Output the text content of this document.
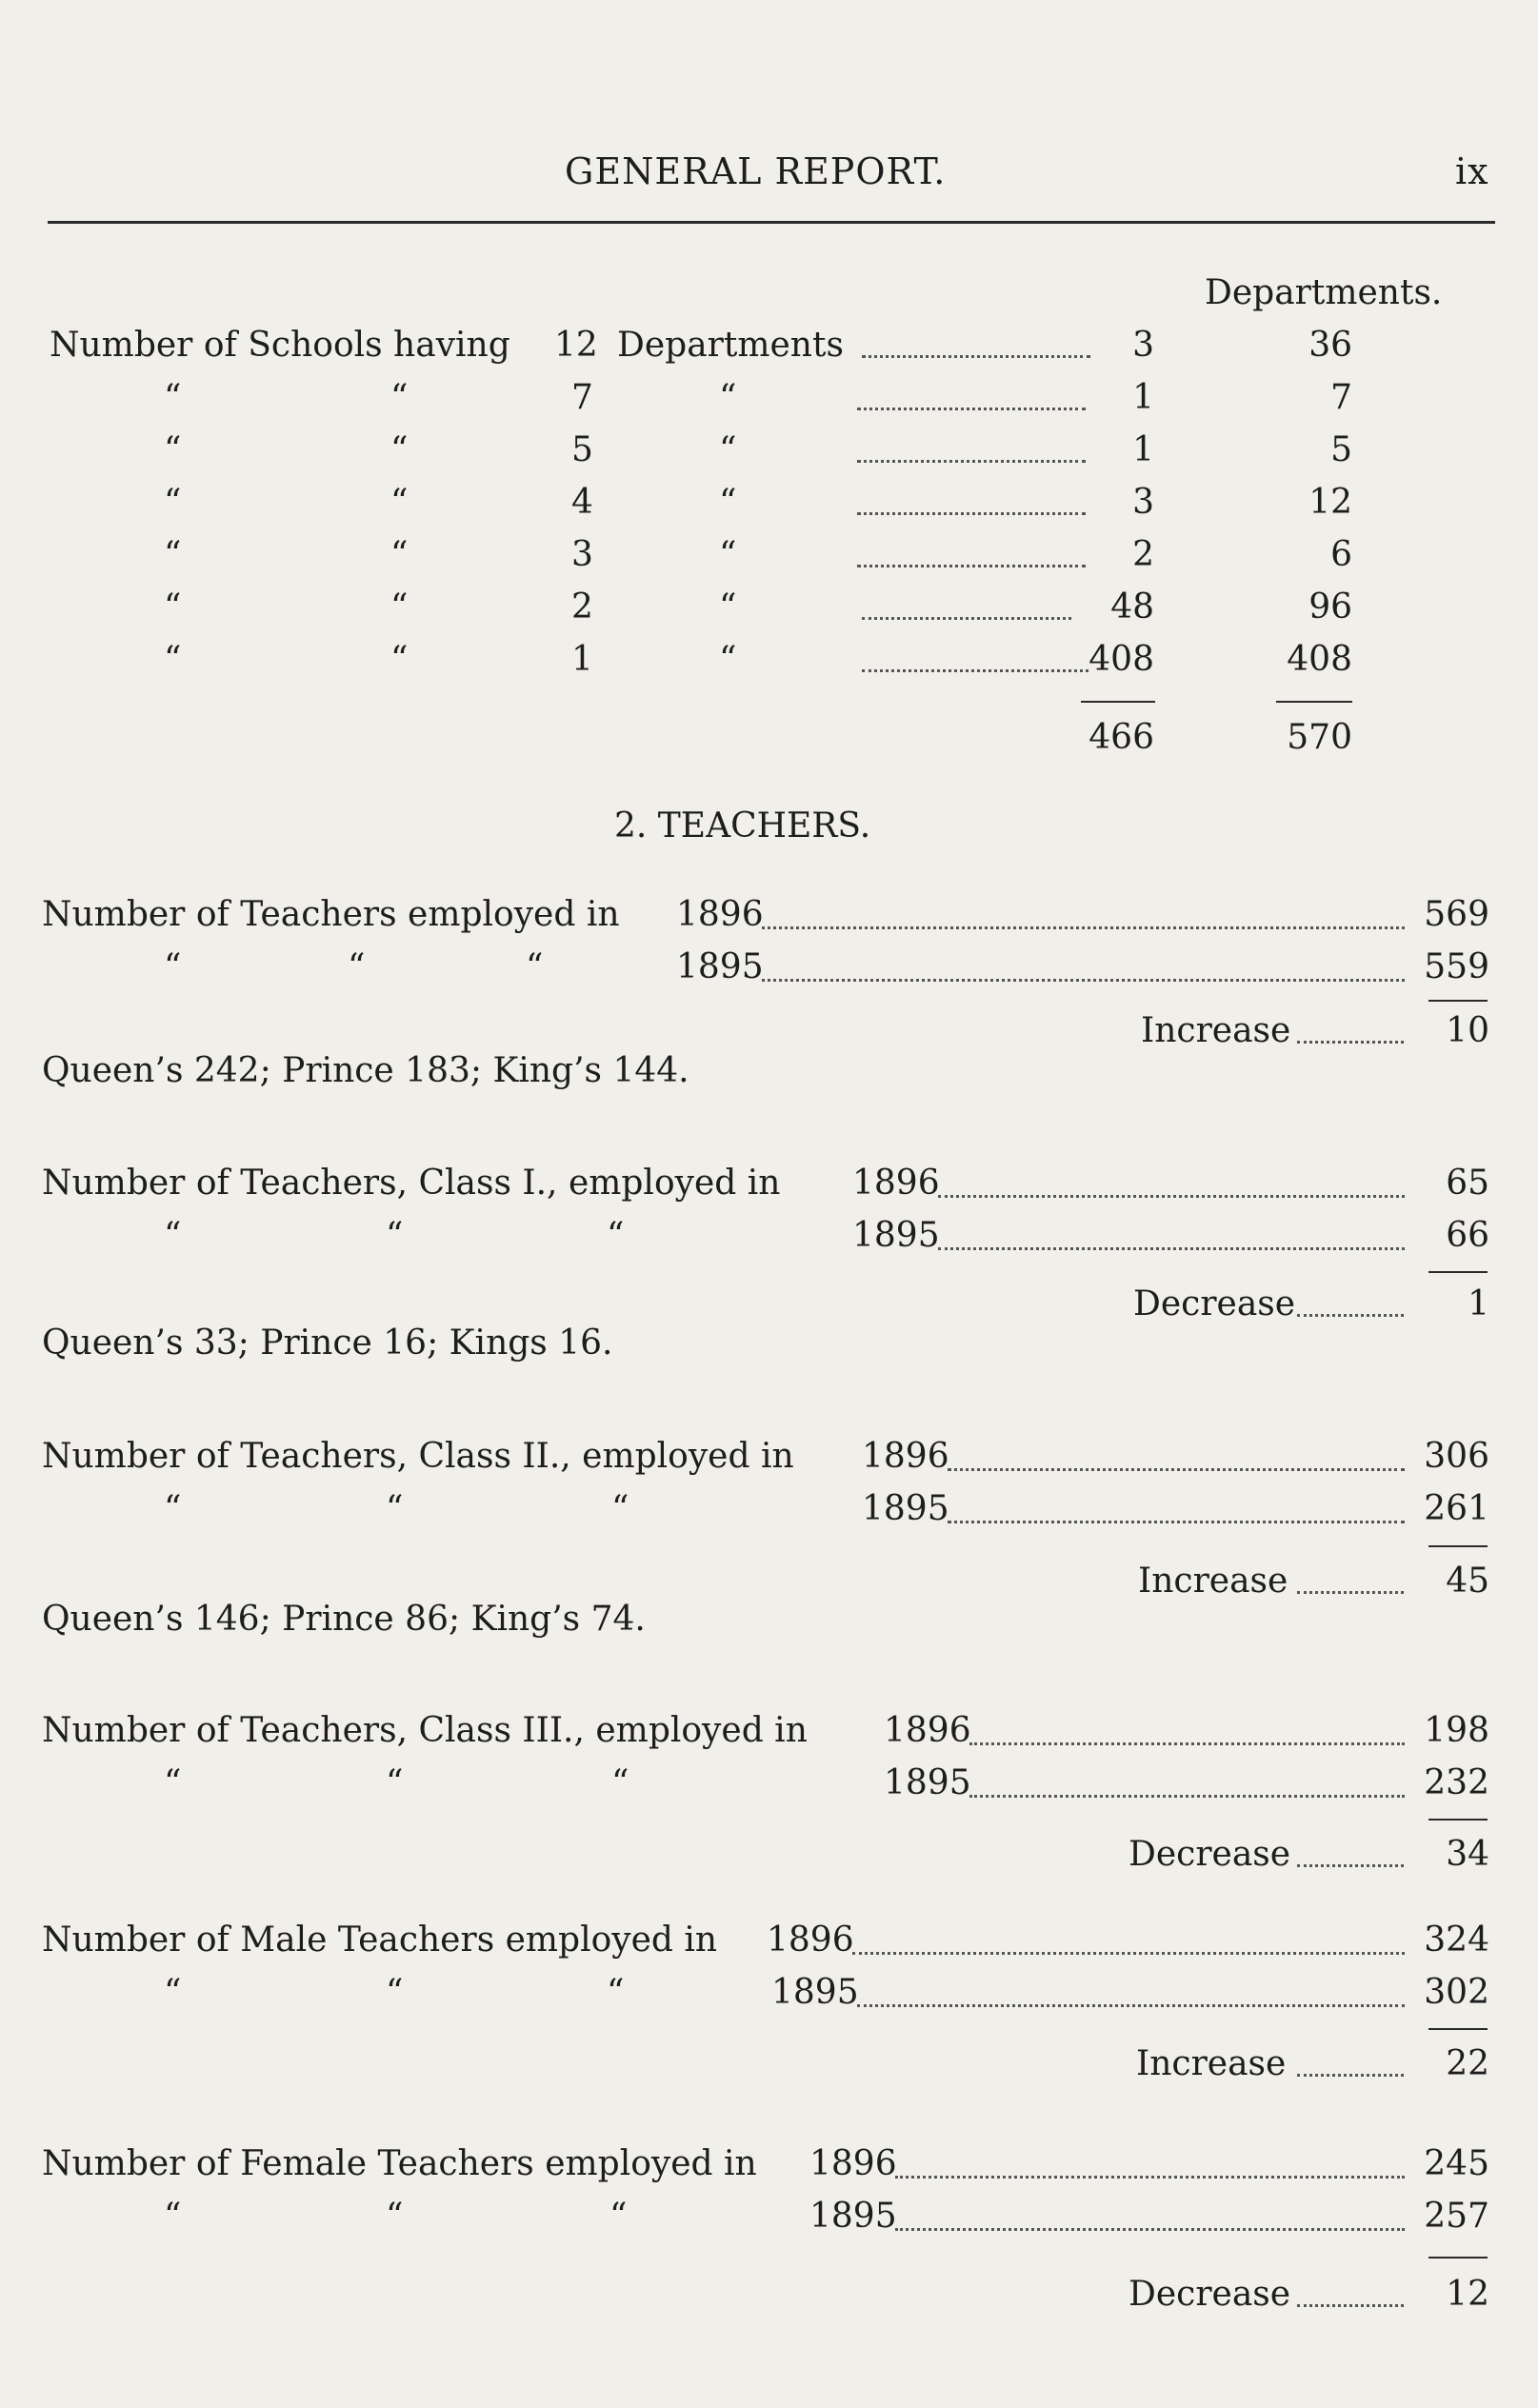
GENERAL REPORT.	ix
Departments.
Number of Schools having 12 Departments	3	36
“	“	7	“	1	7
“	“	5	“	1	5
“	“	4	“	3	12
“	“	3	“	2	6
“	“	2	“	48	96
“	“	1	“	408	408
466	570
2. TEACHERS.
Number of Teachers employed in 1896	569
“	“	“	1895	559
Increase	10
Queen’s 242; Prince 183; King’s 144.
Number of Teachers, Class I., employed in 1896	65
“	“	“	1895	66
Decrease	1
Queen’s 33; Prince 16; Kings 16.
Number of Teachers, Class II., employed in 1896	306
“	“	“	1895	261
Increase	45
Queen’s 146; Prince 86; King’s 74.
Number of Teachers, Class III., employed in 1896	198
“	“	“	1895	232
Decrease	34
Number of Male Teachers employed in 1896	324
“	“	“	1895	302
Increase	22
Number of Female Teachers employed in 1896	245
“	“	“	1895	257
Decrease	12
